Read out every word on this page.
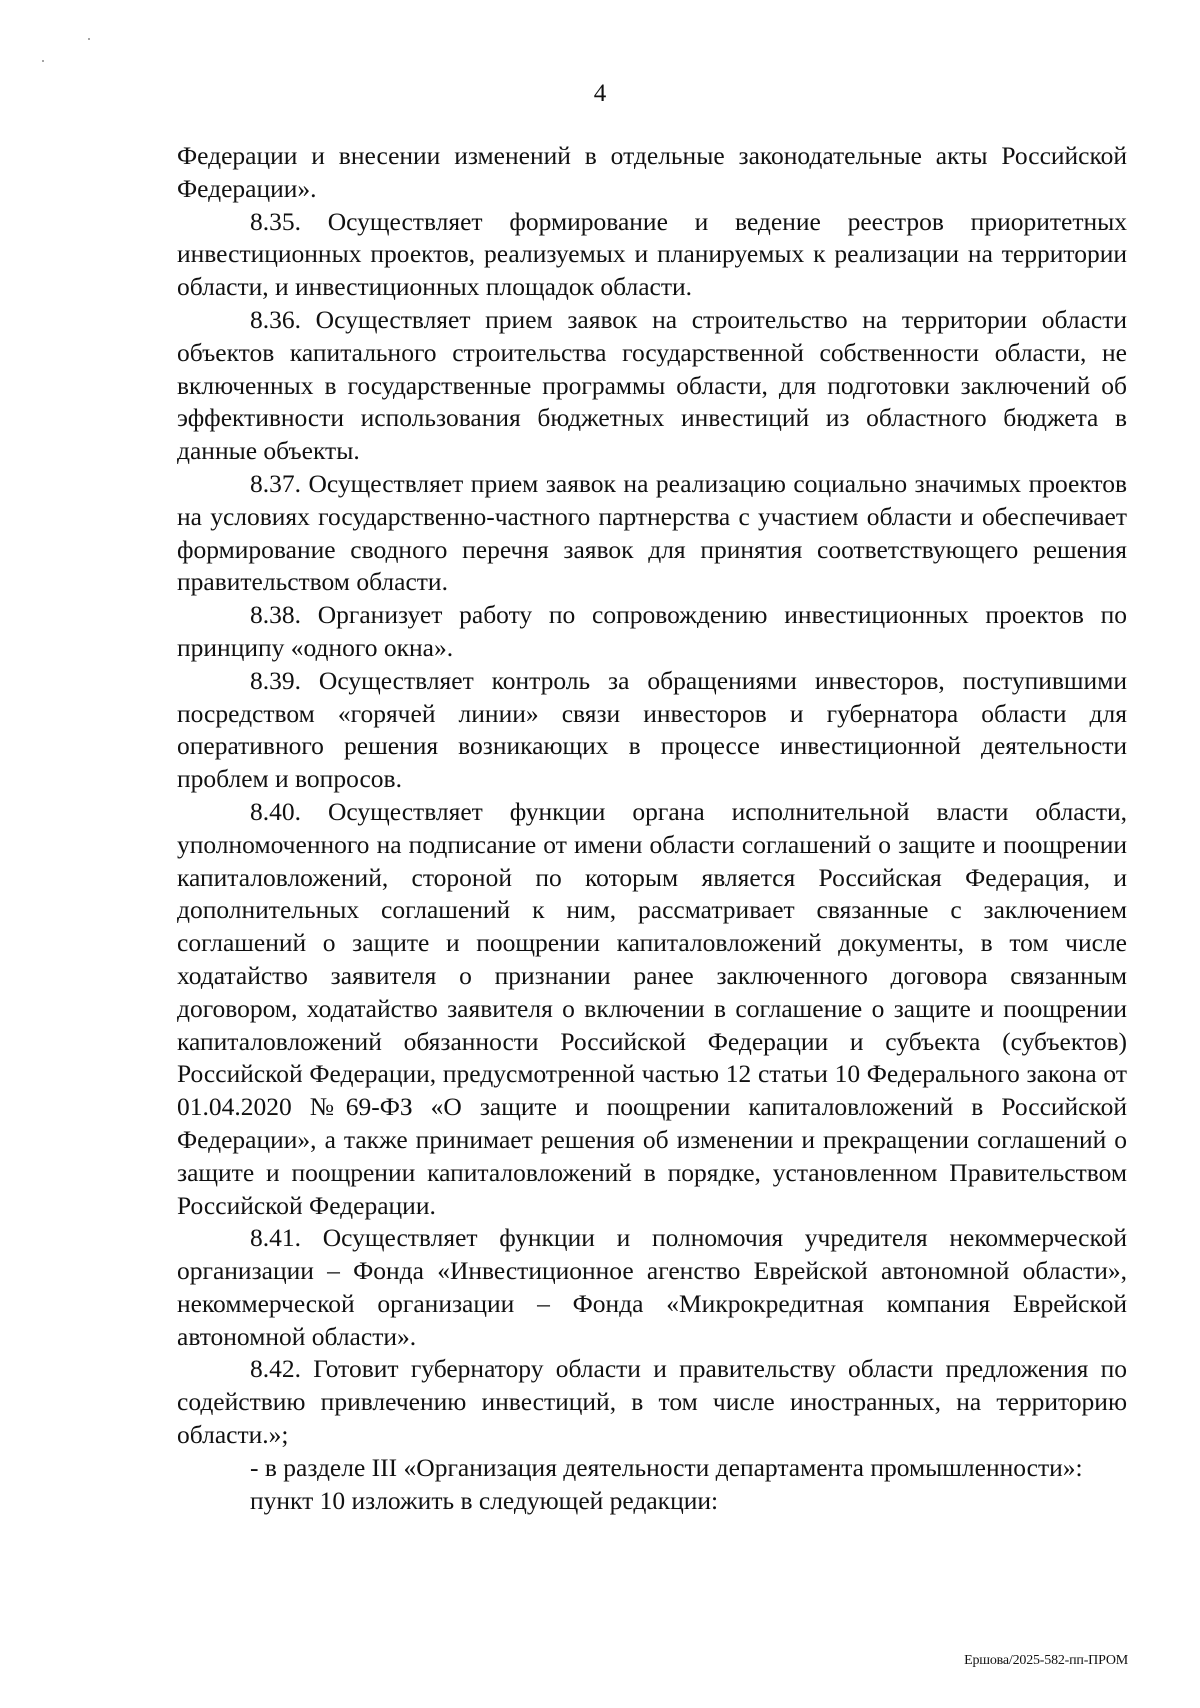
4

Федерации и внесении изменений в отдельные законодательные акты Российской Федерации».

8.35. Осуществляет формирование и ведение реестров приоритетных инвестиционных проектов, реализуемых и планируемых к реализации на территории области, и инвестиционных площадок области.

8.36. Осуществляет прием заявок на строительство на территории области объектов капитального строительства государственной собственности области, не включенных в государственные программы области, для подготовки заключений об эффективности использования бюджетных инвестиций из областного бюджета в данные объекты.

8.37. Осуществляет прием заявок на реализацию социально значимых проектов на условиях государственно-частного партнерства с участием области и обеспечивает формирование сводного перечня заявок для принятия соответствующего решения правительством области.

8.38. Организует работу по сопровождению инвестиционных проектов по принципу «одного окна».

8.39. Осуществляет контроль за обращениями инвесторов, поступившими посредством «горячей линии» связи инвесторов и губернатора области для оперативного решения возникающих в процессе инвестиционной деятельности проблем и вопросов.

8.40. Осуществляет функции органа исполнительной власти области, уполномоченного на подписание от имени области соглашений о защите и поощрении капиталовложений, стороной по которым является Российская Федерация, и дополнительных соглашений к ним, рассматривает связанные с заключением соглашений о защите и поощрении капиталовложений документы, в том числе ходатайство заявителя о признании ранее заключенного договора связанным договором, ходатайство заявителя о включении в соглашение о защите и поощрении капиталовложений обязанности Российской Федерации и субъекта (субъектов) Российской Федерации, предусмотренной частью 12 статьи 10 Федерального закона от 01.04.2020 №69-ФЗ «О защите и поощрении капиталовложений в Российской Федерации», а также принимает решения об изменении и прекращении соглашений о защите и поощрении капиталовложений в порядке, установленном Правительством Российской Федерации.

8.41. Осуществляет функции и полномочия учредителя некоммерческой организации – Фонда «Инвестиционное агенство Еврейской автономной области», некоммерческой организации – Фонда «Микрокредитная компания Еврейской автономной области».

8.42. Готовит губернатору области и правительству области предложения по содействию привлечению инвестиций, в том числе иностранных, на территорию области.»;

- в разделе III «Организация деятельности департамента промышленности»:

пункт 10 изложить в следующей редакции:

Ершова/2025-582-пп-ПРОМ
